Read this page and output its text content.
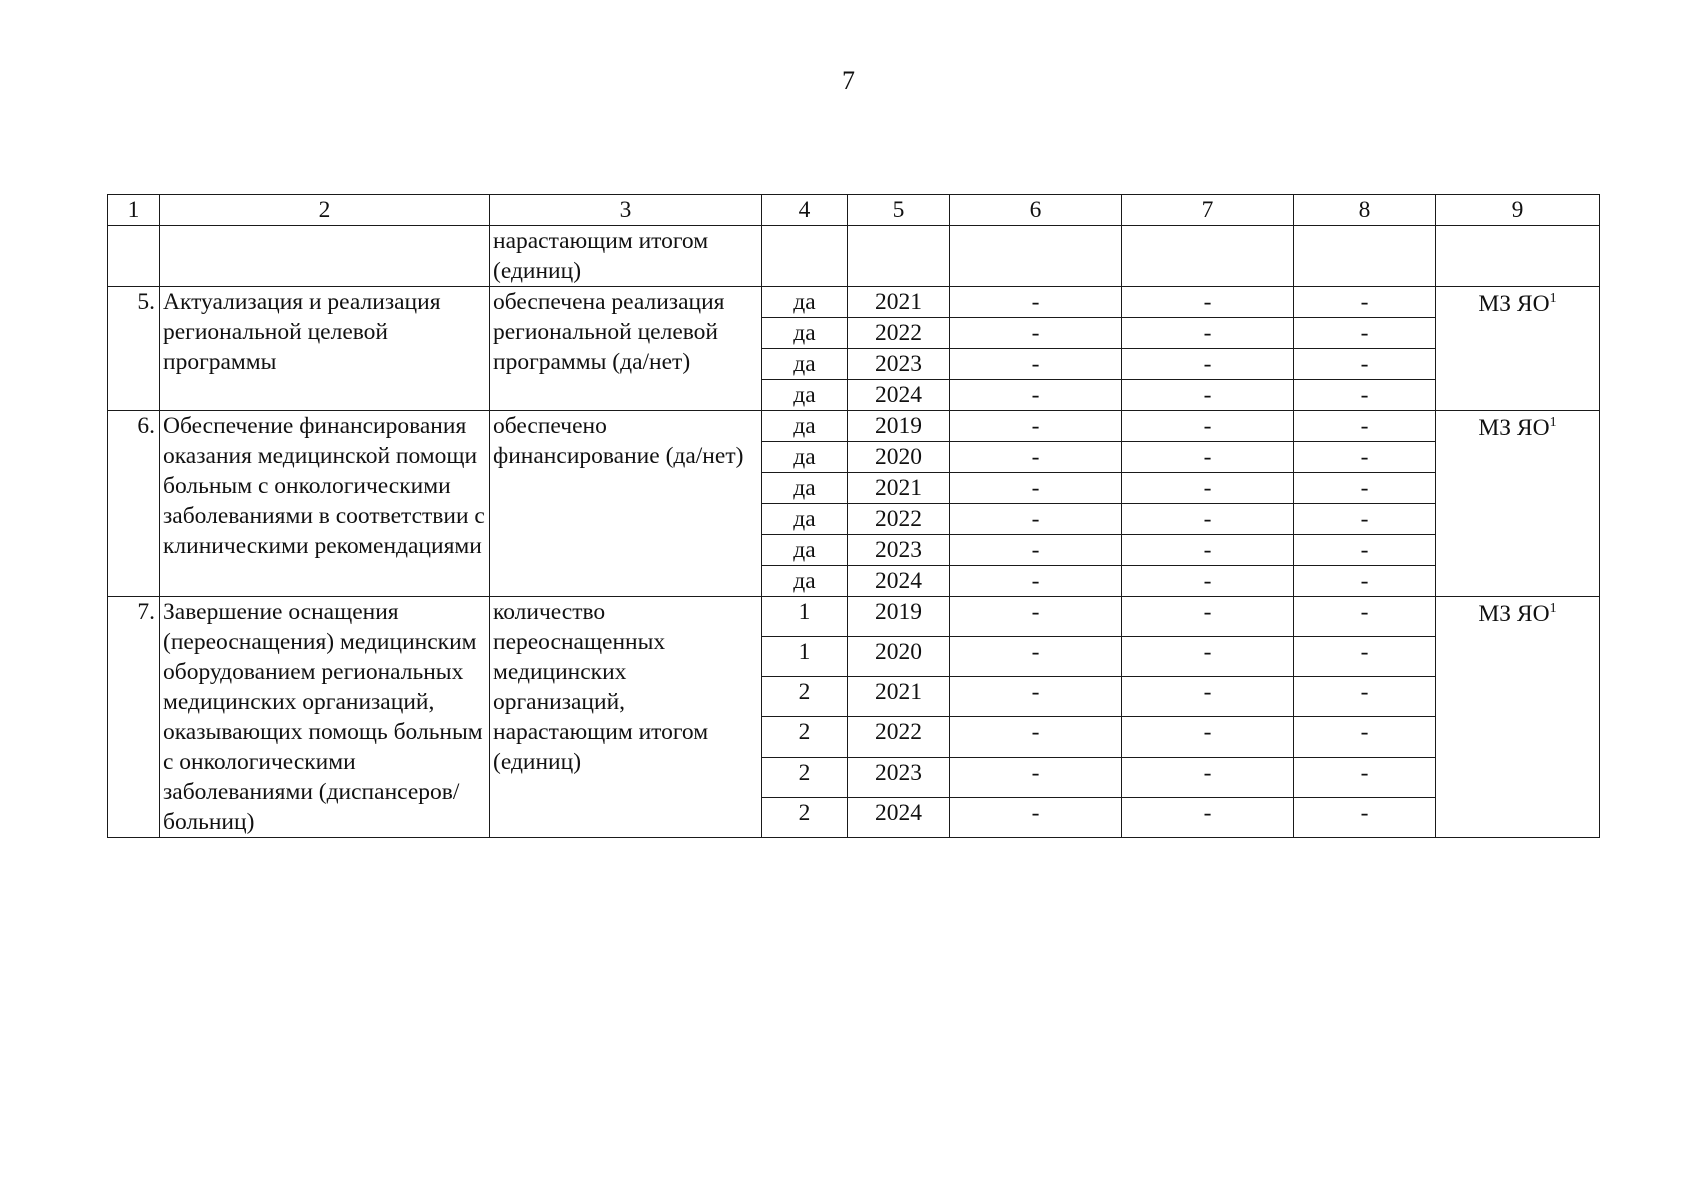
7
1	2	3	4	5	6	7	8	9
		нарастающим итогом (единиц)						
5.	Актуализация и реализация региональной целевой программы	обеспечена реализация региональной целевой программы (да/нет)	да	2021	-	-	-	МЗ $ЯО^1$
			да	2022	-	-	-	
			да	2023	-	-	-	
			да	2024	-	-	-	
6.	Обеспечение финансирования оказания медицинской помощи больным с онкологическими заболеваниями в соответствии с клиническими рекомендациями	обеспечено финансирование (да/нет)	да	2019	-	-	-	МЗ $ЯО^1$
			да	2020	-	-	-	
			да	2021	-	-	-	
			да	2022	-	-	-	
			да	2023	-	-	-	
			да	2024	-	-	-	
7.	Завершение оснащения (переоснащения) медицинским оборудованием региональных медицинских организаций, оказывающих помощь больным с онкологическими заболеваниями (диспансеров/больниц)	количество переоснащенных медицинских организаций, нарастающим итогом (единиц)	1	2019	-	-	-	МЗ $ЯО^1$
			1	2020	-	-	-	
			2	2021	-	-	-	
			2	2022	-	-	-	
			2	2023	-	-	-	
			2	2024	-	-	-	
